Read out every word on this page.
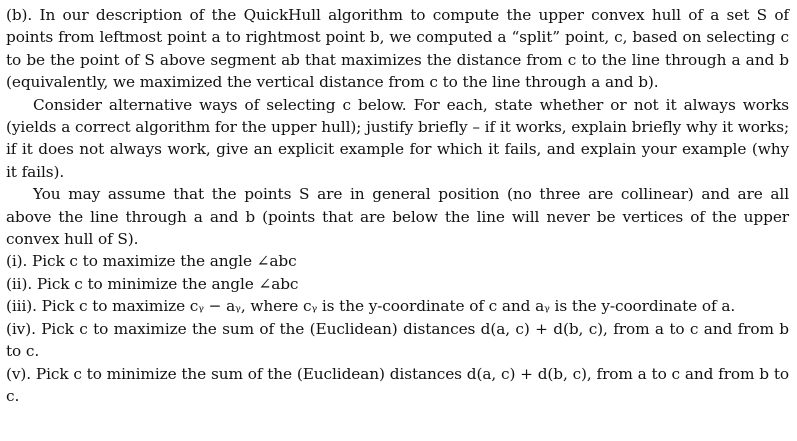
(b). In our description of the QuickHull algorithm to compute the upper convex hull of a set S of points from leftmost point a to rightmost point b, we computed a “split” point, c, based on selecting c to be the point of S above segment ab that maximizes the distance from c to the line through a and b (equivalently, we maximized the vertical distance from c to the line through a and b).

Consider alternative ways of selecting c below. For each, state whether or not it always works (yields a correct algorithm for the upper hull); justify briefly – if it works, explain briefly why it works; if it does not always work, give an explicit example for which it fails, and explain your example (why it fails).

You may assume that the points S are in general position (no three are collinear) and are all above the line through a and b (points that are below the line will never be vertices of the upper convex hull of S).

(i). Pick c to maximize the angle ∠abc

(ii). Pick c to minimize the angle ∠abc

(iii). Pick c to maximize cᵧ − aᵧ, where cᵧ is the y-coordinate of c and aᵧ is the y-coordinate of a.

(iv). Pick c to maximize the sum of the (Euclidean) distances d(a, c) + d(b, c), from a to c and from b to c.

(v). Pick c to minimize the sum of the (Euclidean) distances d(a, c) + d(b, c), from a to c and from b to c.
